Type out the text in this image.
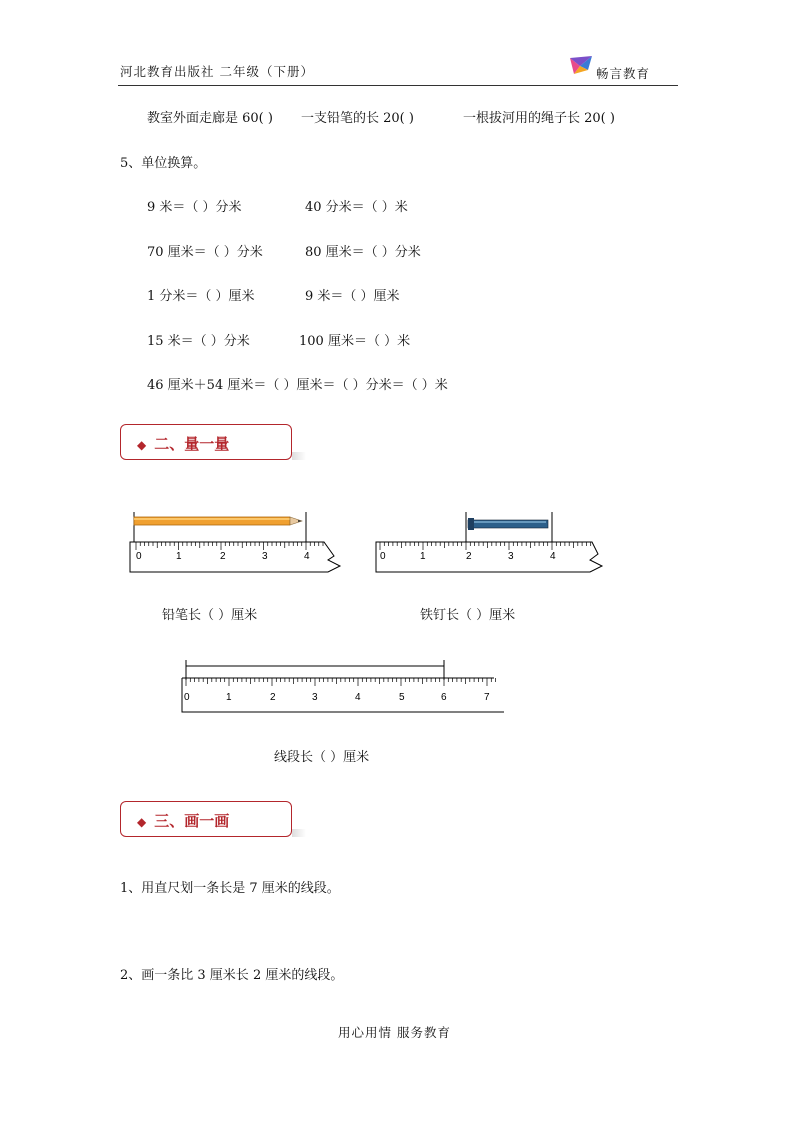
河北教育出版社 二年级（下册）	畅言教育
教室外面走廊是 60( ) 一支铅笔的长 20( )	一根拔河用的绳子长 20( )
5、单位换算。
9 米＝（ ）分米	40 分米＝（ ）米
70 厘米＝（ ）分米	80 厘米＝（ ）分米
1 分米＝（ ）厘米	9 米＝（ ）厘米
15 米＝（ ）分米	100 厘米＝（ ）米
46 厘米＋54 厘米＝（ ）厘米＝（ ）分米＝（ ）米
◆ 二、量一量
0	1	2	3	4	0	1	2	3	4
铅笔长（ ）厘米	铁钉长（ ）厘米
0	1	2	3	4	5	6	7
线段长（ ）厘米
◆ 三、画一画
1、用直尺划一条长是 7 厘米的线段。
2、画一条比 3 厘米长 2 厘米的线段。
用心用情 服务教育
